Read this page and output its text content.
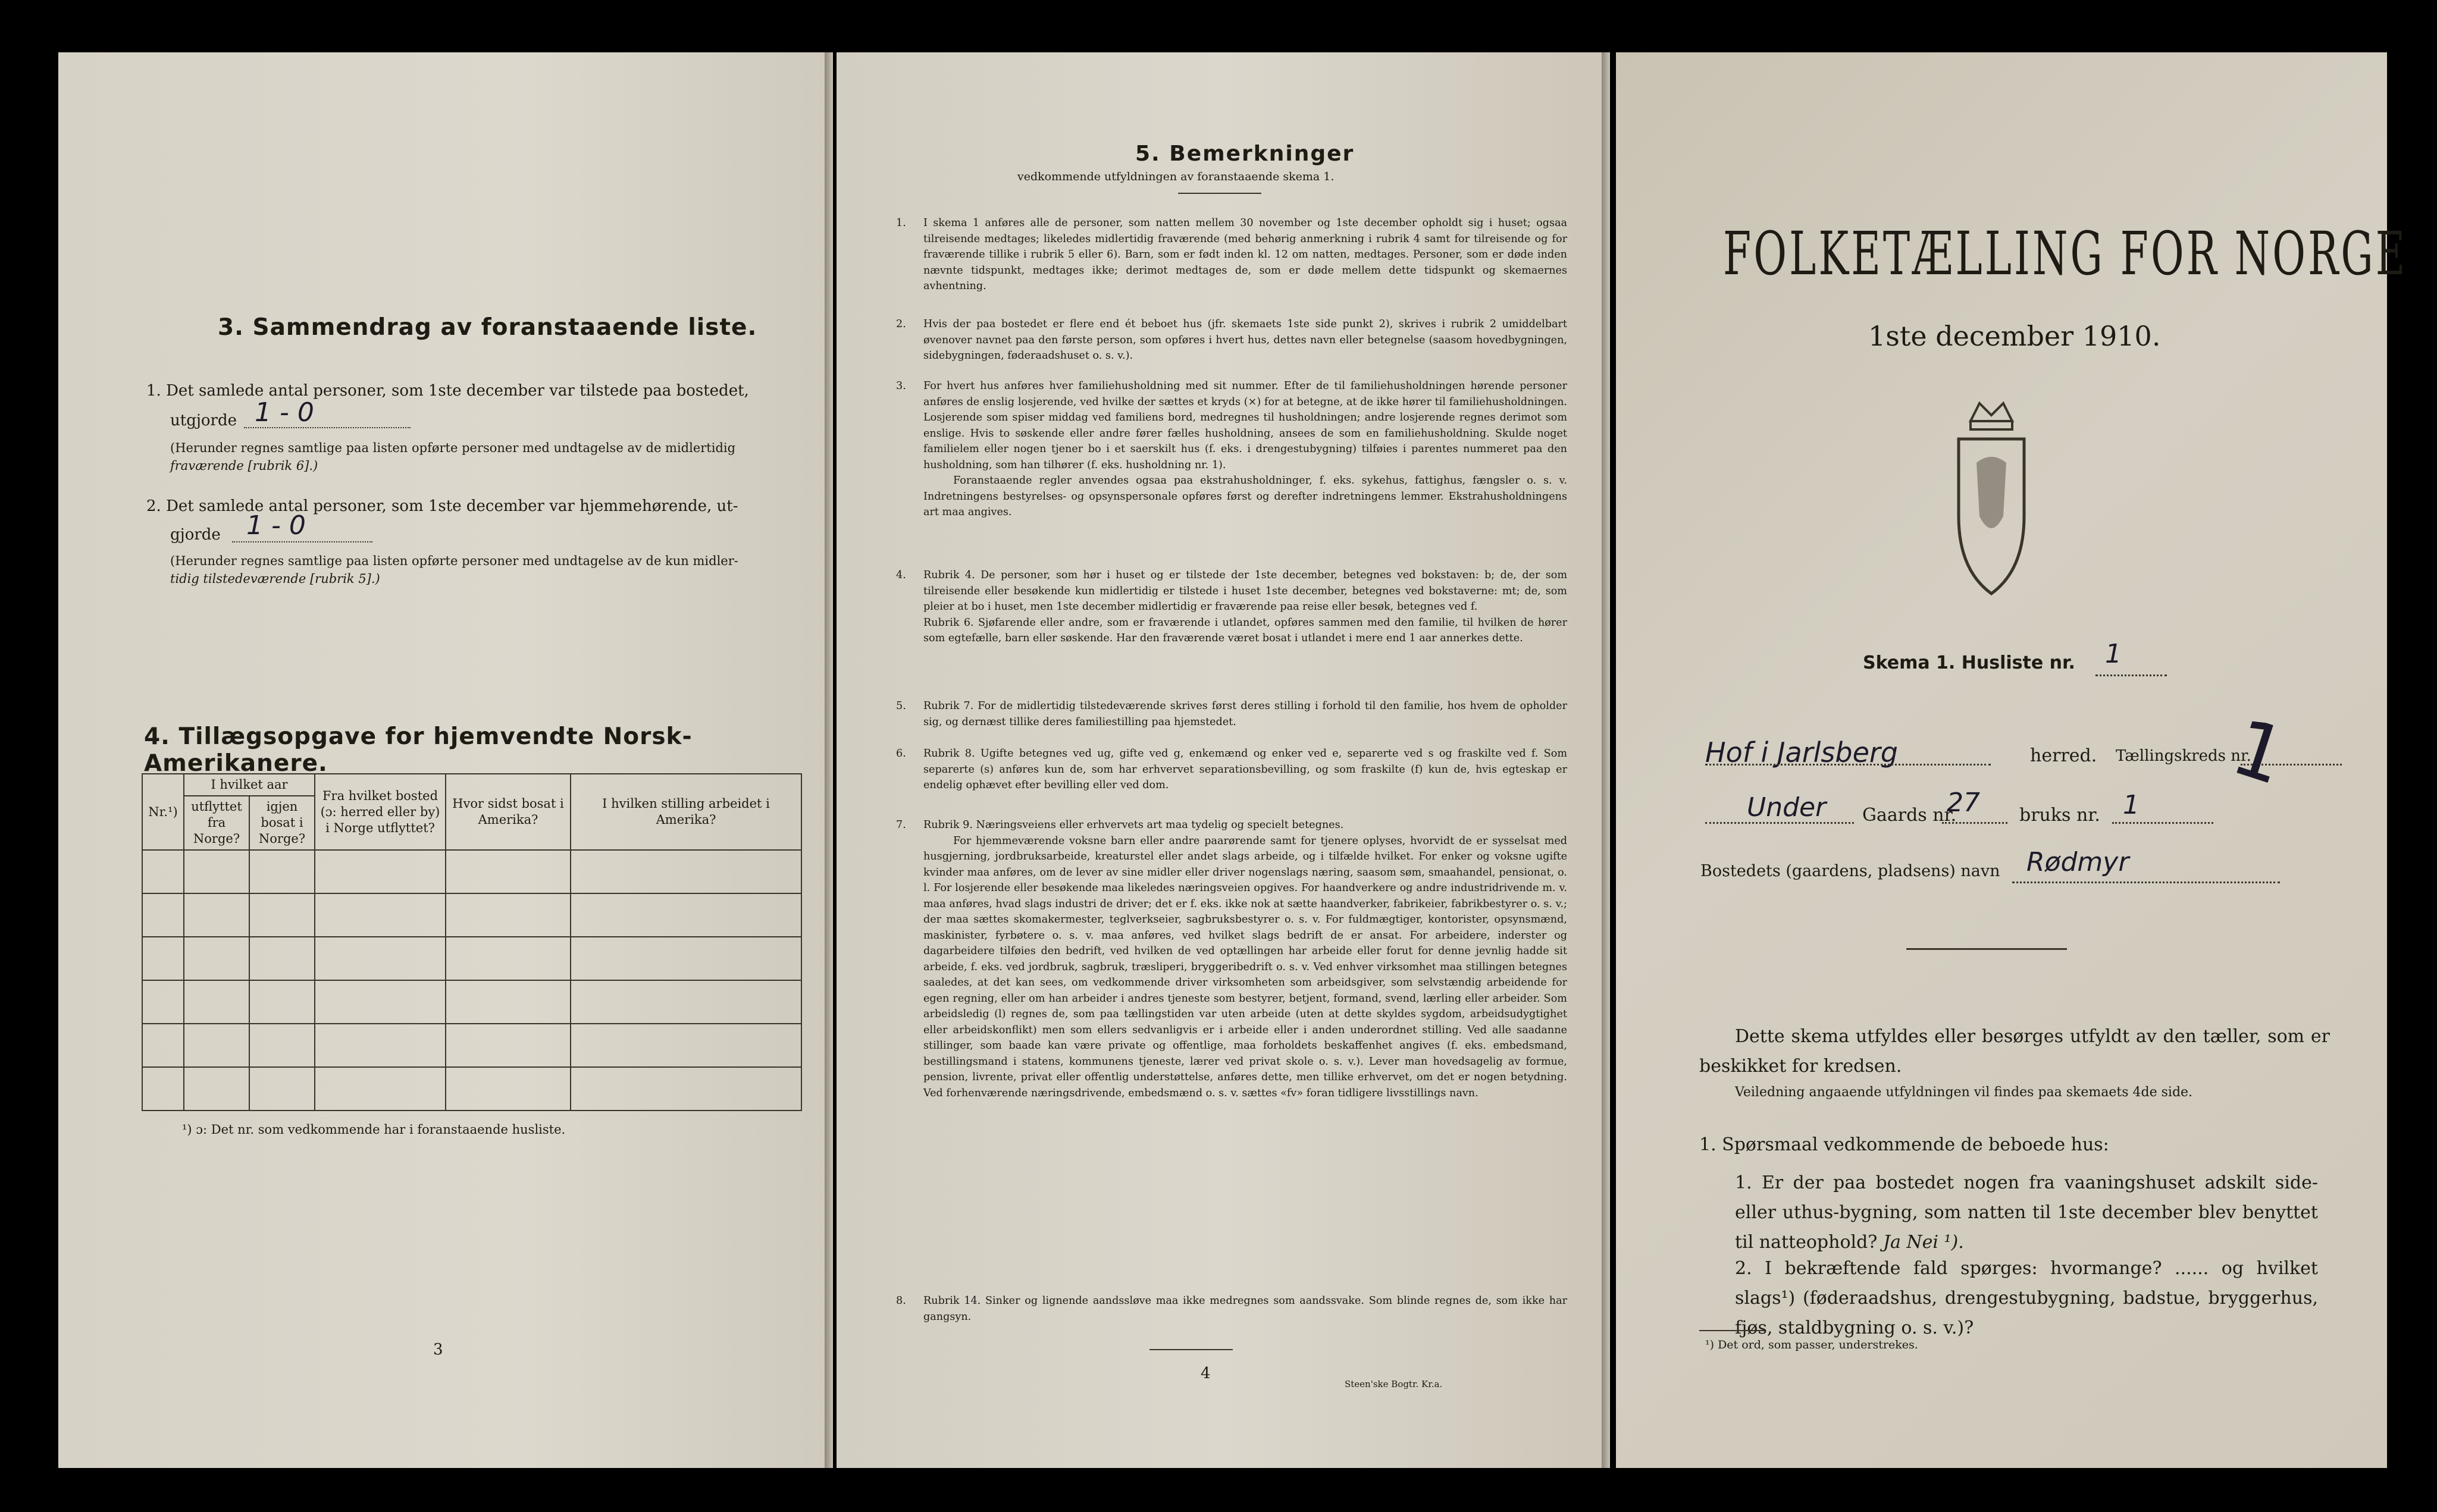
3. Sammendrag av foranstaaende liste.
1. Det samlede antal personer, som 1ste december var tilstede paa bostedet,
utgjorde 1 - 0
(Herunder regnes samtlige paa listen opførte personer med undtagelse av de midlertidig
fraværende [rubrik 6].)
2. Det samlede antal personer, som 1ste december var hjemmehørende, ut-
gjorde 1 - 0
(Herunder regnes samtlige paa listen opførte personer med undtagelse av de kun midler-
tidig tilstedeværende [rubrik 5].)
4. Tillægsopgave for hjemvendte Norsk-Amerikanere.
Nr.¹)	I hvilket aar		Fra hvilket bosted (ɔ: herred eller by) i Norge utflyttet?	Hvor sidst bosat i Amerika?	I hvilken stilling arbeidet i Amerika?
	utflyttet fra Norge?	igjen bosat i Norge?			

¹) ɔ: Det nr. som vedkommende har i foranstaaende husliste.
3
5. Bemerkninger
vedkommende utfyldningen av foranstaaende skema 1.
1. I skema 1 anføres alle de personer, som natten mellem 30 november og 1ste december opholdt sig i huset; ogsaa tilreisende medtages; likeledes midlertidig fraværende (med behørig anmerkning i rubrik 4 samt for tilreisende og for fraværende tillike i rubrik 5 eller 6). Barn, som er født inden kl. 12 om natten, medtages. Personer, som er døde inden nævnte tidspunkt, medtages ikke; derimot medtages de, som er døde mellem dette tidspunkt og skemaernes avhentning.

2. Hvis der paa bostedet er flere end ét beboet hus (jfr. skemaets 1ste side punkt 2), skrives i rubrik 2 umiddelbart øvenover navnet paa den første person, som opføres i hvert hus, dettes navn eller betegnelse (saasom hovedbygningen, sidebygningen, føderaadshuset o. s. v.).

3. For hvert hus anføres hver familiehusholdning med sit nummer. Efter de til familiehusholdningen hørende personer anføres de enslig losjerende, ved hvilke der sættes et kryds (×) for at betegne, at de ikke hører til familiehusholdningen. Losjerende som spiser middag ved familiens bord, medregnes til husholdningen; andre losjerende regnes derimot som enslige. Hvis to søskende eller andre fører fælles husholdning, ansees de som en familiehusholdning. Skulde noget familielem eller nogen tjener bo i et saerskilt hus (f. eks. i drengestubygning) tilføies i parentes nummeret paa den husholdning, som han tilhører (f. eks. husholdning nr. 1).

Foranstaaende regler anvendes ogsaa paa ekstrahusholdninger, f. eks. sykehus, fattighus, fængsler o. s. v. Indretningens bestyrelses- og opsynspersonale opføres først og derefter indretningens lemmer. Ekstrahusholdningens art maa angives.

4. Rubrik 4. De personer, som hør i huset og er tilstede der 1ste december, betegnes ved bokstaven: b; de, der som tilreisende eller besøkende kun midlertidig er tilstede i huset 1ste december, betegnes ved bokstaverne: mt; de, som pleier at bo i huset, men 1ste december midlertidig er fraværende paa reise eller besøk, betegnes ved f.

Rubrik 6. Sjøfarende eller andre, som er fraværende i utlandet, opføres sammen med den familie, til hvilken de hører som egtefælle, barn eller søskende. Har den fraværende været bosat i utlandet i mere end 1 aar annerkes dette.

5. Rubrik 7. For de midlertidig tilstedeværende skrives først deres stilling i forhold til den familie, hos hvem de opholder sig, og dernæst tillike deres familiestilling paa hjemstedet.

6. Rubrik 8. Ugifte betegnes ved ug, gifte ved g, enkemænd og enker ved e, separerte ved s og fraskilte ved f. Som separerte (s) anføres kun de, som har erhvervet separationsbevilling, og som fraskilte (f) kun de, hvis egteskap er endelig ophævet efter bevilling eller ved dom.

7. Rubrik 9. Næringsveiens eller erhvervets art maa tydelig og specielt betegnes.

For hjemmeværende voksne barn eller andre paarørende samt for tjenere oplyses, hvorvidt de er sysselsat med husgjerning, jordbruksarbeide, kreaturstel eller andet slags arbeide, og i tilfælde hvilket. For enker og voksne ugifte kvinder maa anføres, om de lever av sine midler eller driver nogenslags næring, saasom søm, smaahandel, pensionat, o. l. For losjerende eller besøkende maa likeledes næringsveien opgives. For haandverkere og andre industridrivende m. v. maa anføres, hvad slags industri de driver; det er f. eks. ikke nok at sætte haandverker, fabrikeier, fabrikbestyrer o. s. v.; der maa sættes skomakermester, teglverkseier, sagbruksbestyrer o. s. v. For fuldmægtiger, kontorister, opsynsmænd, maskinister, fyrbøtere o. s. v. maa anføres, ved hvilket slags bedrift de er ansat. For arbeidere, inderster og dagarbeidere tilføies den bedrift, ved hvilken de ved optællingen har arbeide eller forut for denne jevnlig hadde sit arbeide, f. eks. ved jordbruk, sagbruk, træsliperi, bryggeribedrift o. s. v. Ved enhver virksomhet maa stillingen betegnes saaledes, at det kan sees, om vedkommende driver virksomheten som arbeidsgiver, som selvstændig arbeidende for egen regning, eller om han arbeider i andres tjeneste som bestyrer, betjent, formand, svend, lærling eller arbeider. Som arbeidsledig (l) regnes de, som paa tællingstiden var uten arbeide (uten at dette skyldes sygdom, arbeidsudygtighet eller arbeidskonflikt) men som ellers sedvanligvis er i arbeide eller i anden underordnet stilling. Ved alle saadanne stillinger, som baade kan være private og offentlige, maa forholdets beskaffenhet angives (f. eks. embedsmand, bestillingsmand i statens, kommunens tjeneste, lærer ved privat skole o. s. v.). Lever man hovedsagelig av formue, pension, livrente, privat eller offentlig understøttelse, anføres dette, men tillike erhvervet, om det er nogen betydning. Ved forhenværende næringsdrivende, embedsmænd o. s. v. sættes «fv» foran tidligere livsstillings navn.

8. Rubrik 14. Sinker og lignende aandssløve maa ikke medregnes som aandssvake. Som blinde regnes de, som ikke har gangsyn.

4
Steen'ske Bogtr. Kr.a.
FOLKETÆLLING FOR NORGE
1ste december 1910.
Skema 1. Husliste nr. 1
Hof i Jarlsberg	herred. Tællingskreds nr.
1
Under Gaards nr.
27 bruks nr. 1
Bostedets (gaardens, pladsens) navn Rødmyr
Dette skema utfyldes eller besørges utfyldt av den tæller, som er beskikket for kredsen.
Veiledning angaaende utfyldningen vil findes paa skemaets 4de side.
1. Spørsmaal vedkommende de beboede hus:
1. Er der paa bostedet nogen fra vaaningshuset adskilt side- eller uthus-bygning, som natten til 1ste december blev benyttet til natteophold? Ja Nei ¹).
2. I bekræftende fald spørges: hvormange? ...... og hvilket slags¹) (føderaadshus, drengestubygning, badstue, bryggerhus, fjøs, staldbygning o. s. v.)?
¹) Det ord, som passer, understrekes.
